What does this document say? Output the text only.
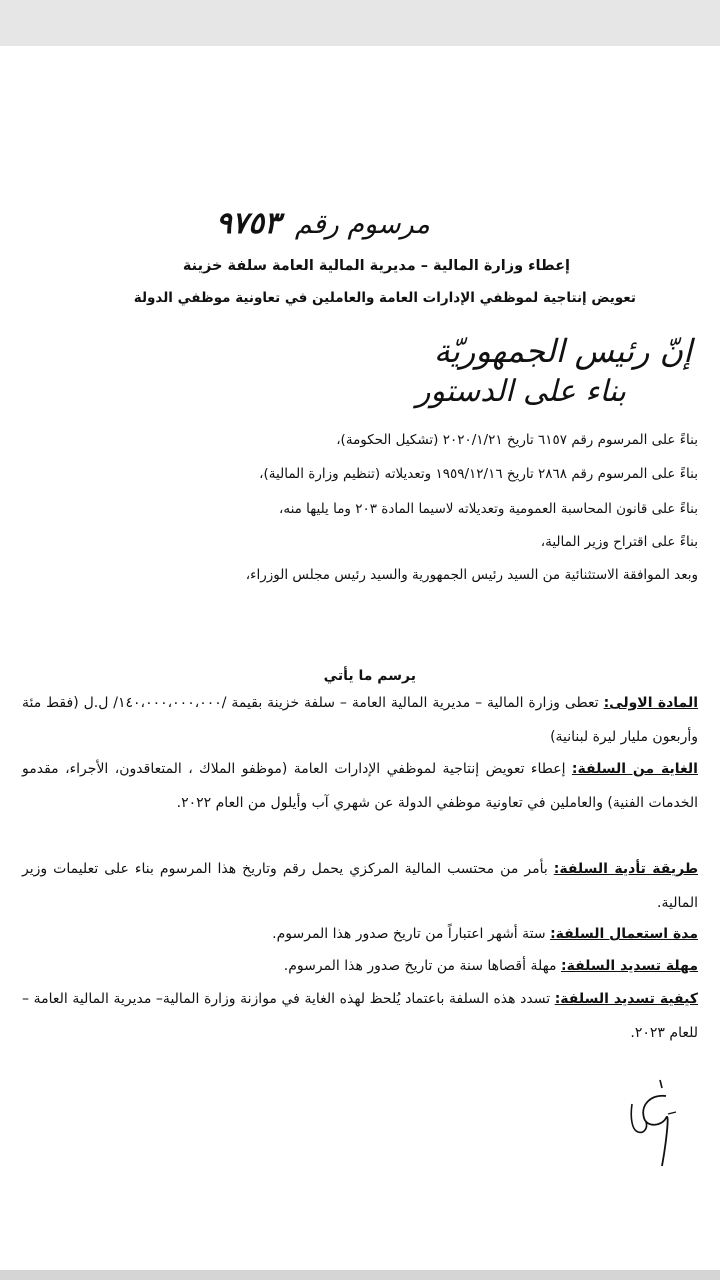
مرسوم رقم ٩٧٥٣
إعطاء وزارة المالية – مديرية المالية العامة سلفة خزينة
تعويض إنتاجية لموظفي الإدارات العامة والعاملين في تعاونية موظفي الدولة
إنّ رئيس الجمهوريّة
بناء على الدستور
بناءً على المرسوم رقم ٦١٥٧ تاريخ ٢٠٢٠/١/٢١ (تشكيل الحكومة)،
بناءً على المرسوم رقم ٢٨٦٨ تاريخ ١٩٥٩/١٢/١٦ وتعديلاته (تنظيم وزارة المالية)،
بناءً على قانون المحاسبة العمومية وتعديلاته لاسيما المادة ٢٠٣ وما يليها منه،
بناءً على اقتراح وزير المالية،
وبعد الموافقة الاستثنائية من السيد رئيس الجمهورية والسيد رئيس مجلس الوزراء،
يرسم ما يأتي
المادة الاولى: تعطى وزارة المالية – مديرية المالية العامة – سلفة خزينة بقيمة /١٤٠،٠٠٠،٠٠٠،٠٠٠/ ل.ل (فقط مئة وأربعون مليار ليرة لبنانية)
الغاية من السلفة: إعطاء تعويض إنتاجية لموظفي الإدارات العامة (موظفو الملاك ، المتعاقدون، الأجراء، مقدمو الخدمات الفنية) والعاملين في تعاونية موظفي الدولة عن شهري آب وأيلول من العام ٢٠٢٢.
طريقة تأدية السلفة: بأمر من محتسب المالية المركزي يحمل رقم وتاريخ هذا المرسوم بناء على تعليمات وزير المالية.
مدة استعمال السلفة: ستة أشهر اعتباراً من تاريخ صدور هذا المرسوم.
مهلة تسديد السلفة: مهلة أقصاها سنة من تاريخ صدور هذا المرسوم.
كيفية تسديد السلفة: تسدد هذه السلفة باعتماد يُلحظ لهذه الغاية في موازنة وزارة المالية– مديرية المالية العامة – للعام ٢٠٢٣.
